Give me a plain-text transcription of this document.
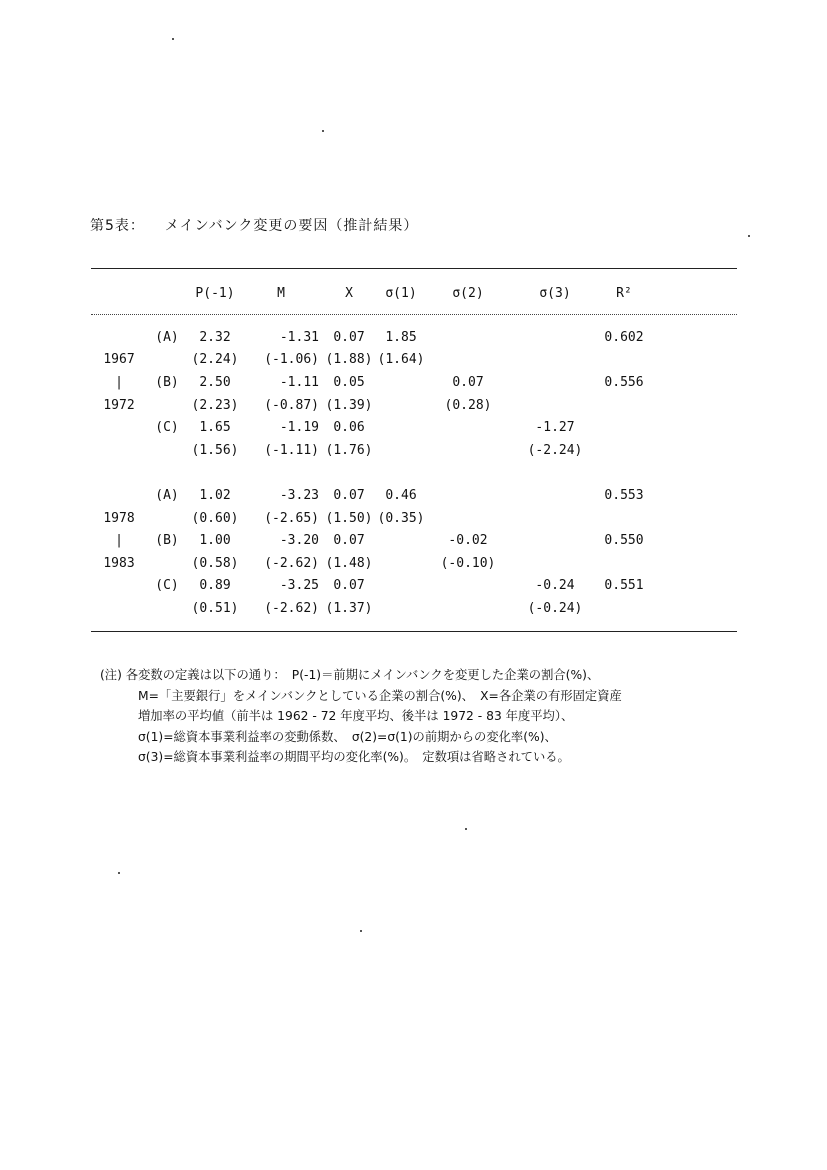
第5表： メインバンク変更の要因（推計結果）
		P(-1)	M	X	σ(1)	σ(2)	σ(3)	R²
	(A)	2.32	-1.31	0.07	1.85			0.602
1967		(2.24)	(-1.06)	(1.88)	(1.64)			
|	(B)	2.50	-1.11	0.05		0.07		0.556
1972		(2.23)	(-0.87)	(1.39)		(0.28)		
	(C)	1.65	-1.19	0.06			-1.27	
		(1.56)	(-1.11)	(1.76)			(-2.24)	

	(A)	1.02	-3.23	0.07	0.46			0.553
1978		(0.60)	(-2.65)	(1.50)	(0.35)			
|	(B)	1.00	-3.20	0.07		-0.02		0.550
1983		(0.58)	(-2.62)	(1.48)		(-0.10)		
	(C)	0.89	-3.25	0.07			-0.24	0.551
		(0.51)	(-2.62)	(1.37)			(-0.24)	
(注) 各変数の定義は以下の通り：　P(-1)＝前期にメインバンクを変更した企業の割合(%)、
M=「主要銀行」をメインバンクとしている企業の割合(%)、　X=各企業の有形固定資産
増加率の平均値（前半は 1962 - 72 年度平均、後半は 1972 - 83 年度平均）、
σ(1)=総資本事業利益率の変動係数、　σ(2)=σ(1)の前期からの変化率(%)、
σ(3)=総資本事業利益率の期間平均の変化率(%)。　定数項は省略されている。
